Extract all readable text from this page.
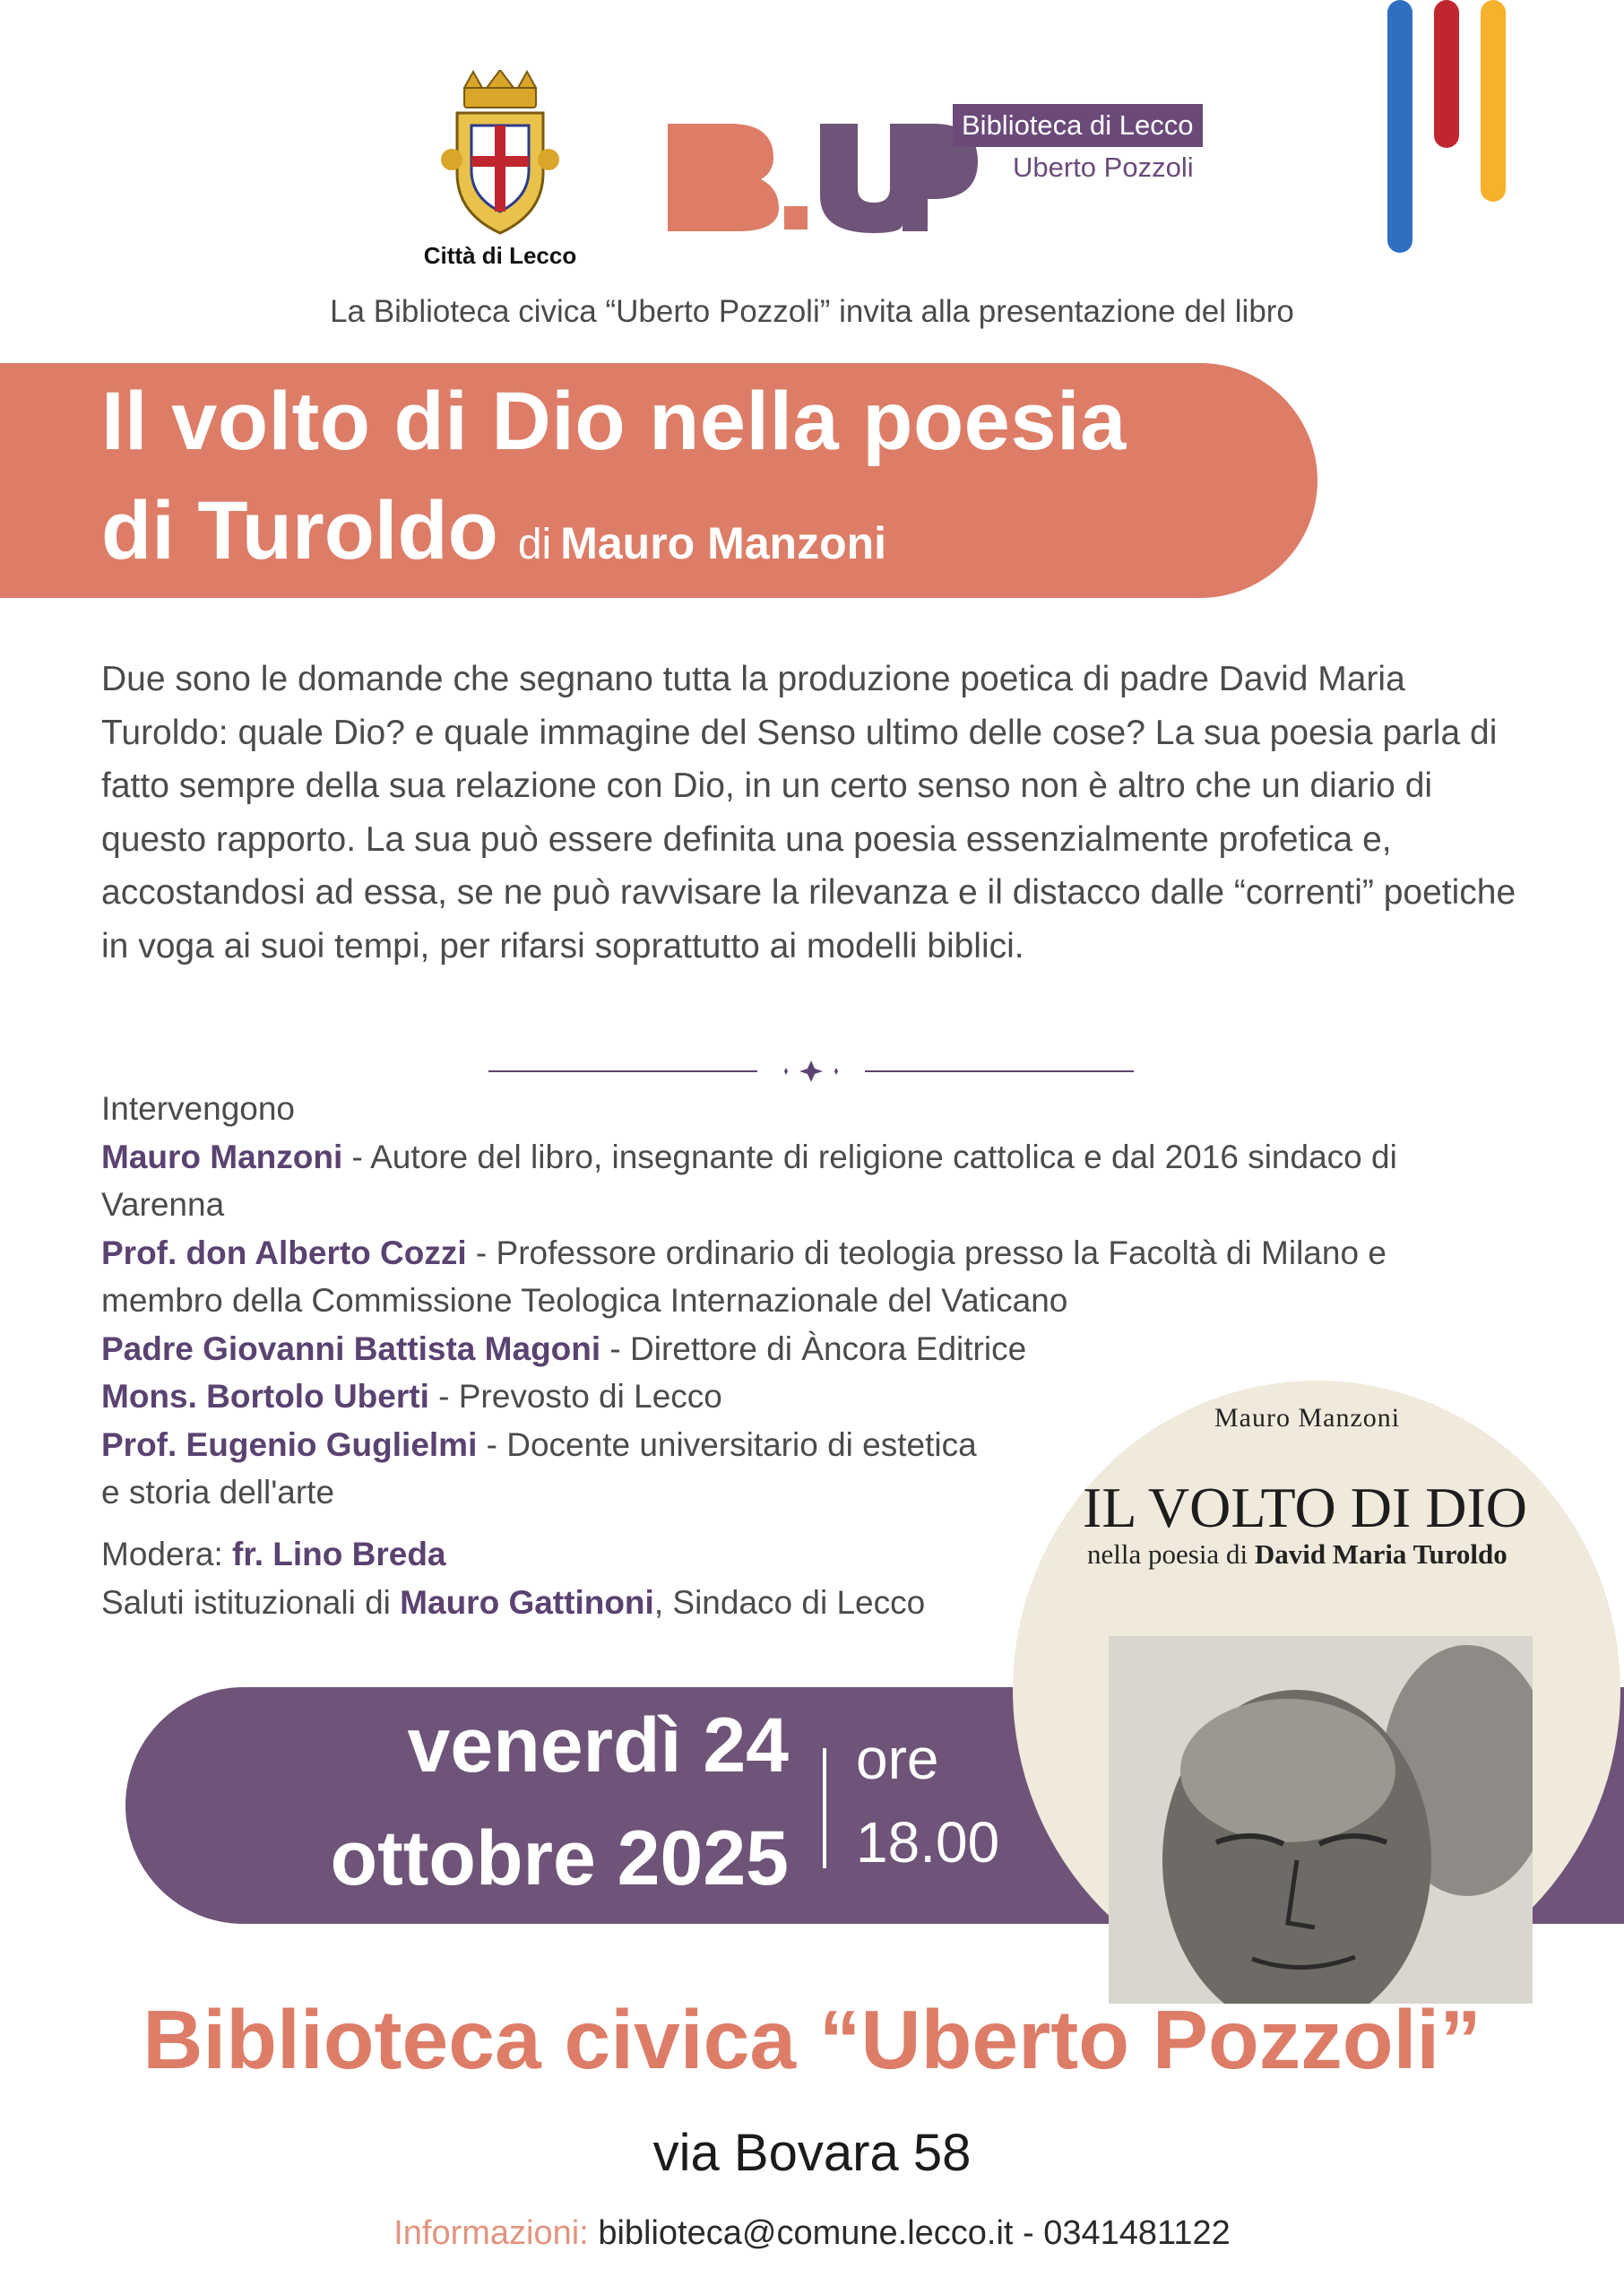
Città di Lecco
Biblioteca di Lecco
Uberto Pozzoli
La Biblioteca civica “Uberto Pozzoli” invita alla presentazione del libro
Il volto di Dio nella poesia
di Turoldo di Mauro Manzoni
Due sono le domande che segnano tutta la produzione poetica di padre David Maria Turoldo: quale Dio? e quale immagine del Senso ultimo delle cose? La sua poesia parla di fatto sempre della sua relazione con Dio, in un certo senso non è altro che un diario di questo rapporto. La sua può essere definita una poesia essenzialmente profetica e, accostandosi ad essa, se ne può ravvisare la rilevanza e il distacco dalle “correnti” poetiche in voga ai suoi tempi, per rifarsi soprattutto ai modelli biblici.
Intervengono
Mauro Manzoni - Autore del libro, insegnante di religione cattolica e dal 2016 sindaco di
Varenna
Prof. don Alberto Cozzi - Professore ordinario di teologia presso la Facoltà di Milano e
membro della Commissione Teologica Internazionale del Vaticano
Padre Giovanni Battista Magoni - Direttore di Àncora Editrice
Mons. Bortolo Uberti - Prevosto di Lecco
Prof. Eugenio Guglielmi - Docente universitario di estetica
e storia dell'arte
Modera: fr. Lino Breda
Saluti istituzionali di Mauro Gattinoni, Sindaco di Lecco
venerdì 24
ottobre 2025
ore
18.00
Mauro Manzoni
IL VOLTO DI DIO
nella poesia di David Maria Turoldo
Biblioteca civica “Uberto Pozzoli”
via Bovara 58
Informazioni: biblioteca@comune.lecco.it - 0341481122
